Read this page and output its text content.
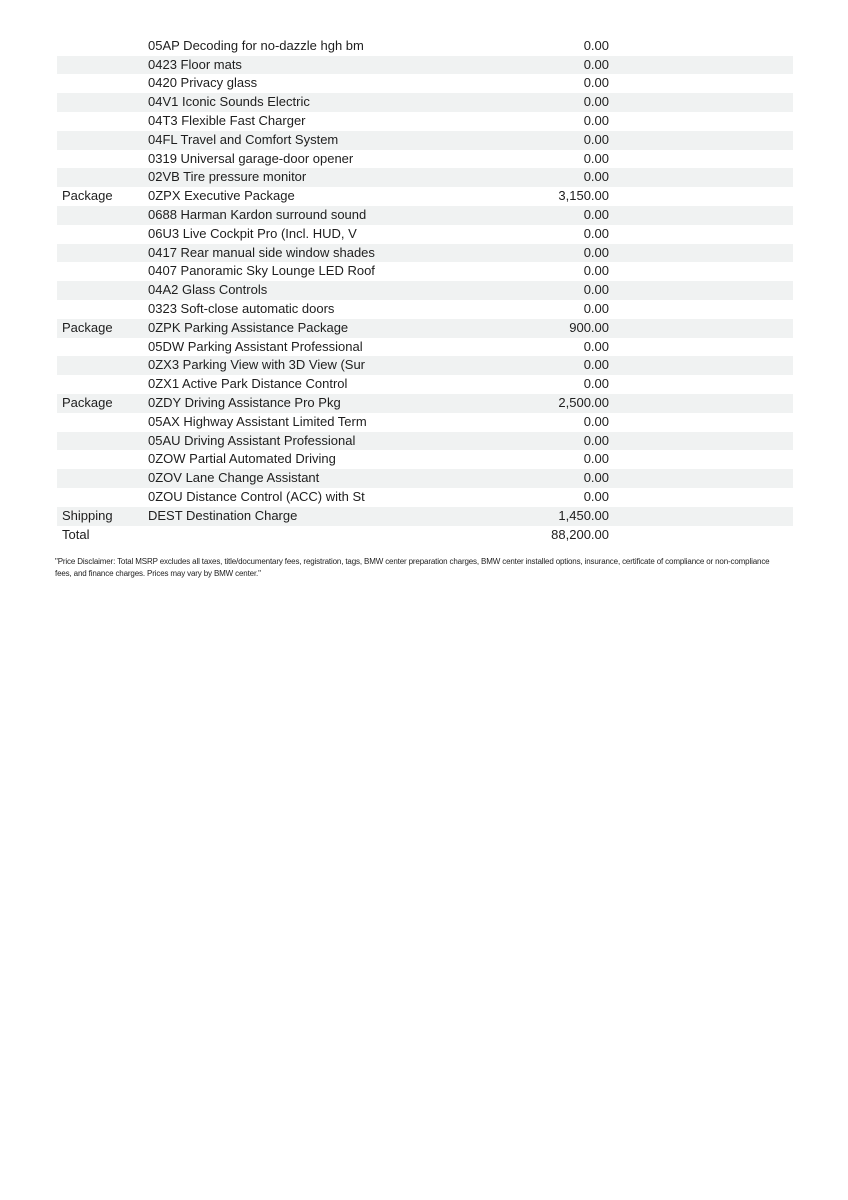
05AP Decoding for no-dazzle hgh bm	0.00
0423 Floor mats	0.00
0420 Privacy glass	0.00
04V1 Iconic Sounds Electric	0.00
04T3 Flexible Fast Charger	0.00
04FL Travel and Comfort System	0.00
0319 Universal garage-door opener	0.00
02VB Tire pressure monitor	0.00
Package	0ZPX Executive Package	3,150.00
0688 Harman Kardon surround sound	0.00
06U3 Live Cockpit Pro (Incl. HUD, V	0.00
0417 Rear manual side window shades	0.00
0407 Panoramic Sky Lounge LED Roof	0.00
04A2 Glass Controls	0.00
0323 Soft-close automatic doors	0.00
Package	0ZPK Parking Assistance Package	900.00
05DW Parking Assistant Professional	0.00
0ZX3 Parking View with 3D View (Sur	0.00
0ZX1 Active Park Distance Control	0.00
Package	0ZDY Driving Assistance Pro Pkg	2,500.00
05AX Highway Assistant Limited Term	0.00
05AU Driving Assistant Professional	0.00
0ZOW Partial Automated Driving	0.00
0ZOV Lane Change Assistant	0.00
0ZOU Distance Control (ACC) with St	0.00
Shipping	DEST Destination Charge	1,450.00
Total	88,200.00
"Price Disclaimer: Total MSRP excludes all taxes, title/documentary fees, registration, tags, BMW center preparation charges, BMW center installed options, insurance, certificate of compliance or non-compliance fees, and finance charges. Prices may vary by BMW center."
